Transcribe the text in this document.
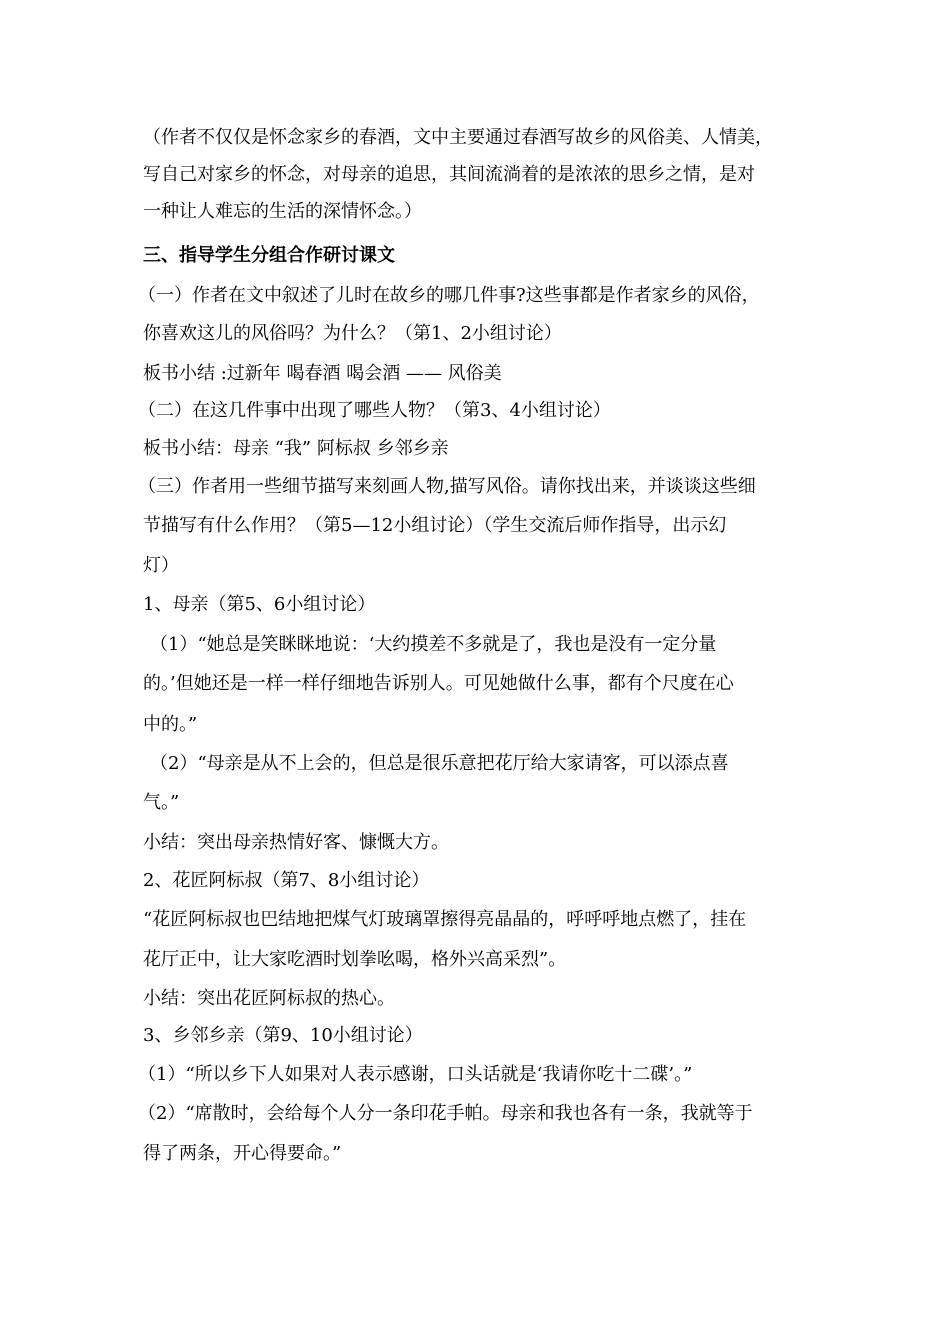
（作者不仅仅是怀念家乡的春酒，文中主要通过春酒写故乡的风俗美、人情美，
写自己对家乡的怀念，对母亲的追思，其间流淌着的是浓浓的思乡之情，是对
一种让人难忘的生活的深情怀念。）
三、指导学生分组合作研讨课文
（一）作者在文中叙述了儿时在故乡的哪几件事?这些事都是作者家乡的风俗，
你喜欢这儿的风俗吗？为什么？（第1、2小组讨论）
板书小结 :过新年 喝春酒 喝会酒 —— 风俗美
（二）在这几件事中出现了哪些人物？（第3、4小组讨论）
板书小结：母亲 “我” 阿标叔 乡邻乡亲
（三）作者用一些细节描写来刻画人物,描写风俗。请你找出来，并谈谈这些细
节描写有什么作用？（第5—12小组讨论）（学生交流后师作指导，出示幻
灯）
1、母亲（第5、6小组讨论）
（1）“她总是笑眯眯地说：‘大约摸差不多就是了，我也是没有一定分量
的。’但她还是一样一样仔细地告诉别人。可见她做什么事，都有个尺度在心
中的。”
（2）“母亲是从不上会的，但总是很乐意把花厅给大家请客，可以添点喜
气。”
小结：突出母亲热情好客、慷慨大方。
2、花匠阿标叔（第7、8小组讨论）
“花匠阿标叔也巴结地把煤气灯玻璃罩擦得亮晶晶的，呼呼呼地点燃了，挂在
花厅正中，让大家吃酒时划拳吆喝，格外兴高采烈”。
小结：突出花匠阿标叔的热心。
3、乡邻乡亲（第9、10小组讨论）
（1）“所以乡下人如果对人表示感谢，口头话就是‘我请你吃十二碟’。”
（2）“席散时，会给每个人分一条印花手帕。母亲和我也各有一条，我就等于
得了两条，开心得要命。”
